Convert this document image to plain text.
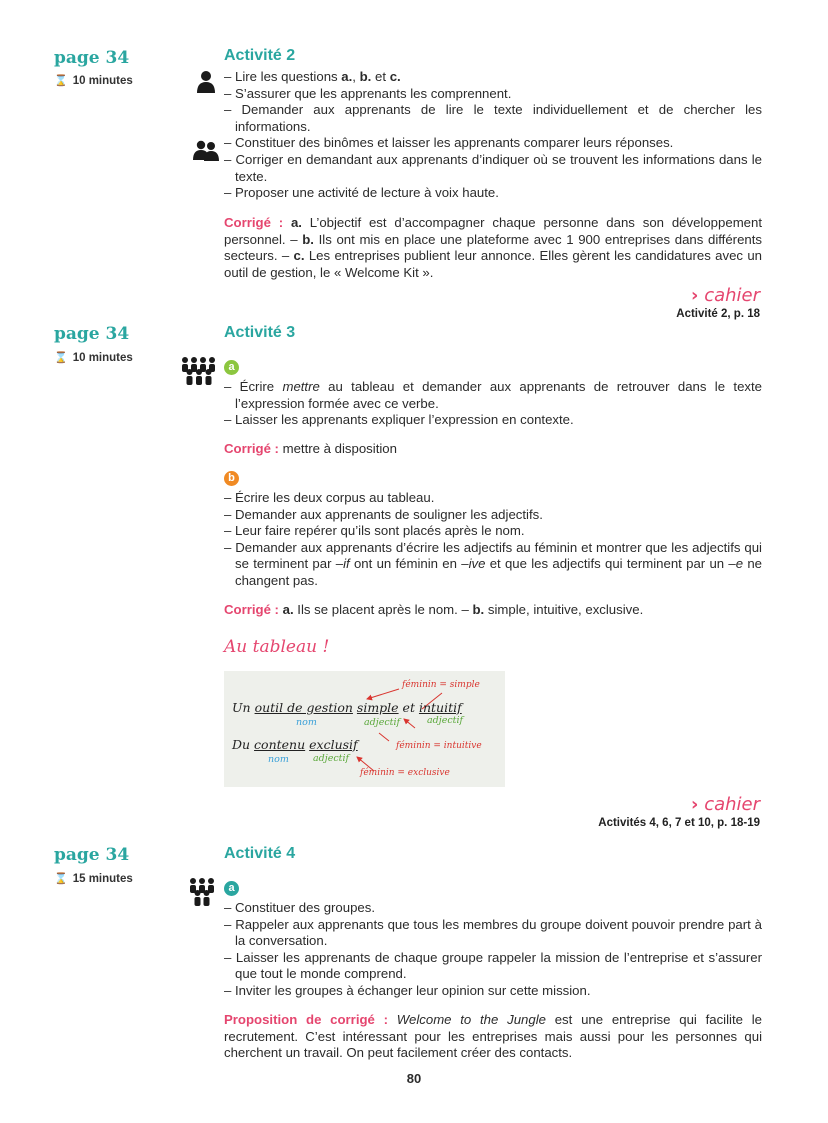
page 34
⌛ 10 minutes
Activité 2
– Lire les questions a., b. et c.
– S’assurer que les apprenants les comprennent.
– Demander aux apprenants de lire le texte individuellement et de chercher les informations.
– Constituer des binômes et laisser les apprenants comparer leurs réponses.
– Corriger en demandant aux apprenants d’indiquer où se trouvent les informations dans le texte.
– Proposer une activité de lecture à voix haute.
Corrigé : a. L’objectif est d’accompagner chaque personne dans son développement personnel. – b. Ils ont mis en place une plateforme avec 1 900 entreprises dans différents secteurs. – c. Les entreprises publient leur annonce. Elles gèrent les candidatures avec un outil de gestion, le « Welcome Kit ».
› cahier
Activité 2, p. 18
page 34
⌛ 10 minutes
Activité 3
a
– Écrire mettre au tableau et demander aux apprenants de retrouver dans le texte l’expression formée avec ce verbe.
– Laisser les apprenants expliquer l’expression en contexte.
Corrigé : mettre à disposition
b
– Écrire les deux corpus au tableau.
– Demander aux apprenants de souligner les adjectifs.
– Leur faire repérer qu’ils sont placés après le nom.
– Demander aux apprenants d’écrire les adjectifs au féminin et montrer que les adjectifs qui se terminent par –if ont un féminin en –ive et que les adjectifs qui terminent par un –e ne changent pas.
Corrigé : a. Ils se placent après le nom. – b. simple, intuitive, exclusive.
Au tableau !
féminin = simple
Un outil de gestion simple et intuitif
nom	adjectif	adjectif
Du contenu exclusif	féminin = intuitive
nom	adjectif
féminin = exclusive
› cahier
Activités 4, 6, 7 et 10, p. 18-19
page 34
⌛ 15 minutes
Activité 4
a
– Constituer des groupes.
– Rappeler aux apprenants que tous les membres du groupe doivent pouvoir prendre part à la conversation.
– Laisser les apprenants de chaque groupe rappeler la mission de l’entreprise et s’assurer que tout le monde comprend.
– Inviter les groupes à échanger leur opinion sur cette mission.
Proposition de corrigé : Welcome to the Jungle est une entreprise qui facilite le recrutement. C’est intéressant pour les entreprises mais aussi pour les personnes qui cherchent un travail. On peut facilement créer des contacts.
80
